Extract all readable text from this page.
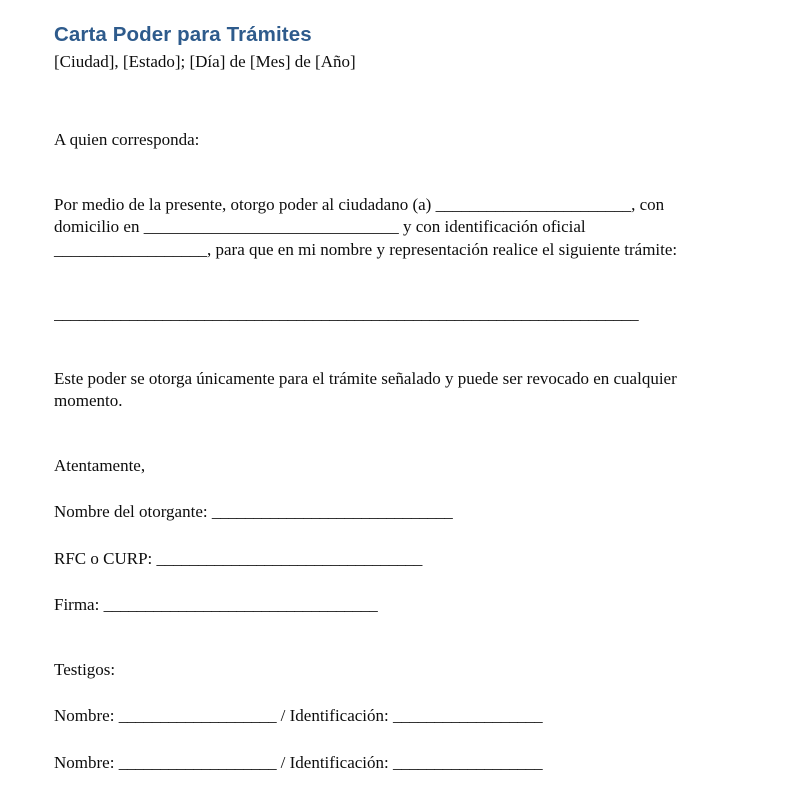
Carta Poder para Trámites

[Ciudad], [Estado]; [Día] de [Mes] de [Año]

A quien corresponda:

Por medio de la presente, otorgo poder al ciudadano (a) _______________________, con domicilio en ______________________________ y con identificación oficial __________________, para que en mi nombre y representación realice el siguiente trámite:

______________________________________________________________________

Este poder se otorga únicamente para el trámite señalado y puede ser revocado en cualquier momento.

Atentamente,

Nombre del otorgante: _____________________________

RFC o CURP: ________________________________

Firma: _________________________________

Testigos:

Nombre: ___________________ / Identificación: __________________

Nombre: ___________________ / Identificación: __________________
